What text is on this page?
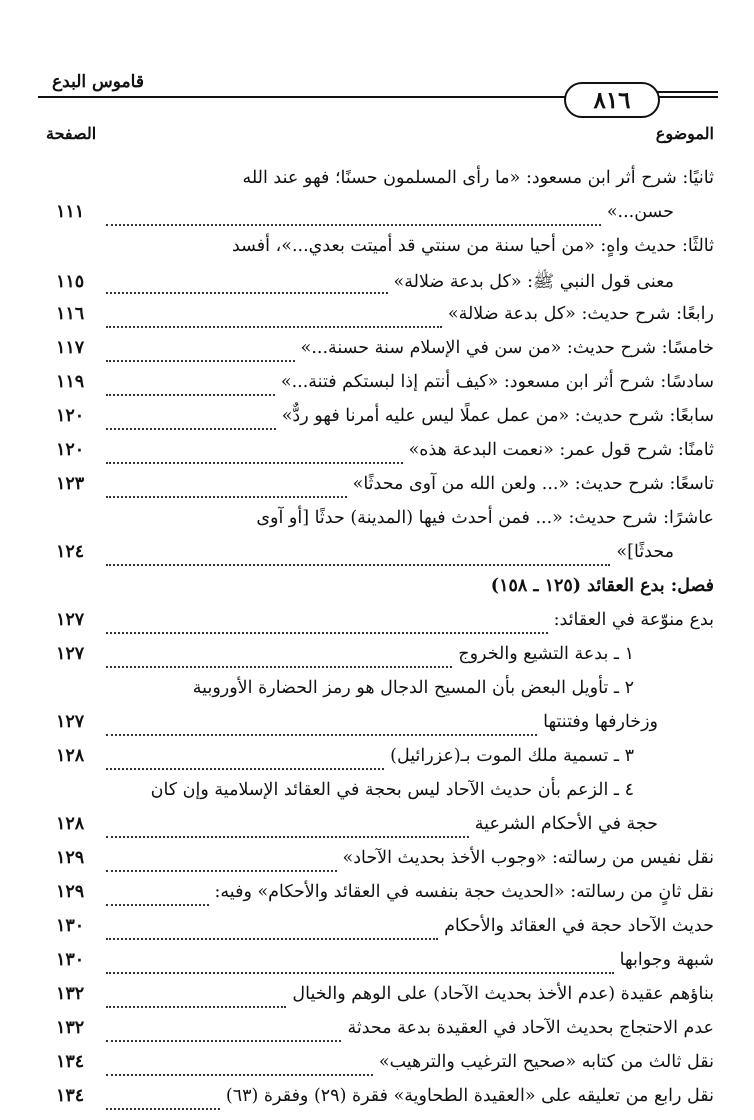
قاموس البدع
٨١٦
الموضوع
الصفحة
ثانيًا: شرح أثر ابن مسعود: «ما رأى المسلمون حسنًا؛ فهو عند الله
حسن...»
١١١
ثالثًا: حديث واهٍ: «من أحيا سنة من سنتي قد أميتت بعدي...»، أفسد
معنى قول النبي ﷺ: «كل بدعة ضلالة»
١١٥
رابعًا: شرح حديث: «كل بدعة ضلالة»
١١٦
خامسًا: شرح حديث: «من سن في الإسلام سنة حسنة...»
١١٧
سادسًا: شرح أثر ابن مسعود: «كيف أنتم إذا لبستكم فتنة...»
١١٩
سابعًا: شرح حديث: «من عمل عملًا ليس عليه أمرنا فهو ردٌّ»
١٢٠
ثامنًا: شرح قول عمر: «نعمت البدعة هذه»
١٢٠
تاسعًا: شرح حديث: «... ولعن الله من آوى محدثًا»
١٢٣
عاشرًا: شرح حديث: «... فمن أحدث فيها (المدينة) حدثًا [أو آوى
محدثًا]»
١٢٤
فصل: بدع العقائد (١٢٥ ـ ١٥٨)
بدع منوّعة في العقائد:
١٢٧
١ ـ بدعة التشيع والخروج
١٢٧
٢ ـ تأويل البعض بأن المسيح الدجال هو رمز الحضارة الأوروبية
وزخارفها وفتنتها
١٢٧
٣ ـ تسمية ملك الموت بـ(عزرائيل)
١٢٨
٤ ـ الزعم بأن حديث الآحاد ليس بحجة في العقائد الإسلامية وإن كان
حجة في الأحكام الشرعية
١٢٨
نقل نفيس من رسالته: «وجوب الأخذ بحديث الآحاد»
١٢٩
نقل ثانٍ من رسالته: «الحديث حجة بنفسه في العقائد والأحكام» وفيه:
١٢٩
حديث الآحاد حجة في العقائد والأحكام
١٣٠
شبهة وجوابها
١٣٠
بناؤهم عقيدة (عدم الأخذ بحديث الآحاد) على الوهم والخيال
١٣٢
عدم الاحتجاج بحديث الآحاد في العقيدة بدعة محدثة
١٣٢
نقل ثالث من كتابه «صحيح الترغيب والترهيب»
١٣٤
نقل رابع من تعليقه على «العقيدة الطحاوية» فقرة (٢٩) وفقرة (٦٣)
١٣٤
